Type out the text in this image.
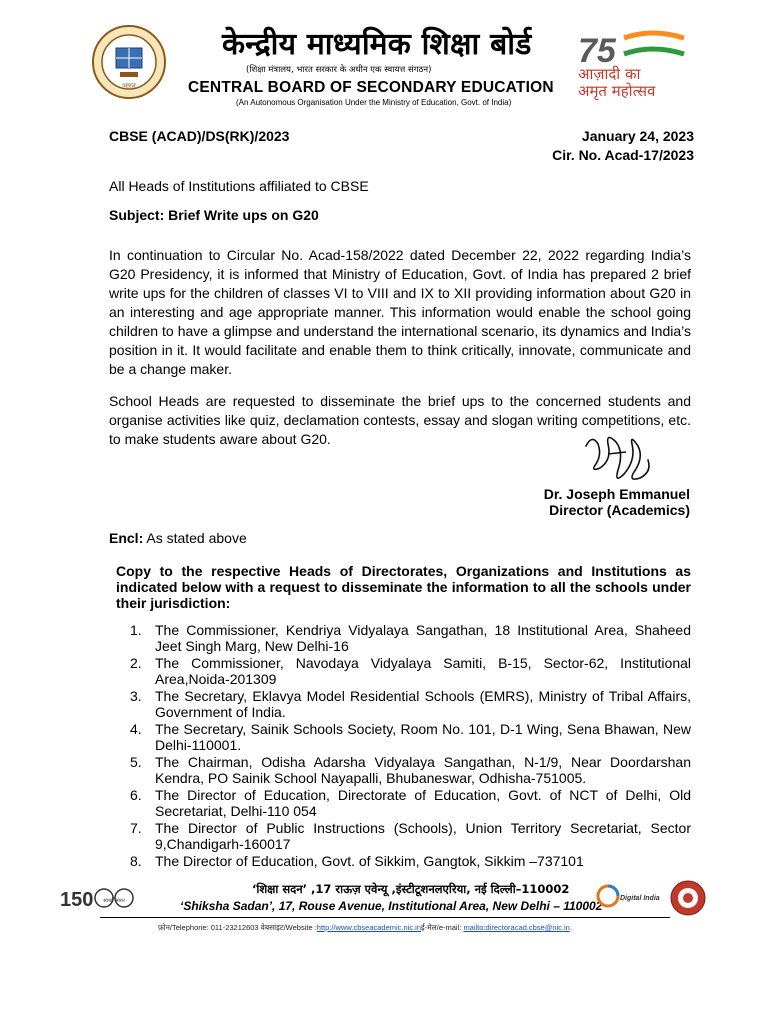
भारत
केन्द्रीय माध्यमिक शिक्षा बोर्ड
(शिक्षा मंत्रालय, भारत सरकार के अधीन एक स्वायत्त संगठन)
CENTRAL BOARD OF SECONDARY EDUCATION
(An Autonomous Organisation Under the Ministry of Education, Govt. of India)
75
आज़ादी का
अमृत महोत्सव
CBSE (ACAD)/DS(RK)/2023	January 24, 2023
Cir. No. Acad-17/2023
All Heads of Institutions affiliated to CBSE
Subject: Brief Write ups on G20
In continuation to Circular No. Acad-158/2022 dated December 22, 2022 regarding India’s G20 Presidency, it is informed that Ministry of Education, Govt. of India has prepared 2 brief write ups for the children of classes VI to VIII and IX to XII providing information about G20 in an interesting and age appropriate manner. This information would enable the school going children to have a glimpse and understand the international scenario, its dynamics and India’s position in it. It would facilitate and enable them to think critically, innovate, communicate and be a change maker.
School Heads are requested to disseminate the brief ups to the concerned students and organise activities like quiz, declamation contests, essay and slogan writing competitions, etc. to make students aware about G20.
Dr. Joseph Emmanuel
Director (Academics)
Encl: As stated above
Copy to the respective Heads of Directorates, Organizations and Institutions as indicated below with a request to disseminate the information to all the schools under their jurisdiction:
1. The Commissioner, Kendriya Vidyalaya Sangathan, 18 Institutional Area, Shaheed Jeet Singh Marg, New Delhi-16
2. The Commissioner, Navodaya Vidyalaya Samiti, B-15, Sector-62, Institutional Area,Noida-201309
3. The Secretary, Eklavya Model Residential Schools (EMRS), Ministry of Tribal Affairs, Government of India.
4. The Secretary, Sainik Schools Society, Room No. 101, D-1 Wing, Sena Bhawan, New Delhi-110001.
5. The Chairman, Odisha Adarsha Vidyalaya Sangathan, N-1/9, Near Doordarshan Kendra, PO Sainik School Nayapalli, Bhubaneswar, Odhisha-751005.
6. The Director of Education, Directorate of Education, Govt. of NCT of Delhi, Old Secretariat, Delhi-110 054
7. The Director of Public Instructions (Schools), Union Territory Secretariat, Sector 9,Chandigarh-160017
8. The Director of Education, Govt. of Sikkim, Gangtok, Sikkim –737101
150 स्वच्छ भारत
‘शिक्षा सदन’ ,17 राऊज़ एवेन्यू ,इंस्टीटूशनलएरिया, नई दिल्ली–110002
‘Shiksha Sadan’, 17, Rouse Avenue, Institutional Area, New Delhi – 110002
फ़ोन/Telephone: 011-23212603 वेबसाइट/Website :http://www.cbseacademic.nic.inई-मेल/e-mail: mailto:directoracad.cbse@nic.in.
Digital India
